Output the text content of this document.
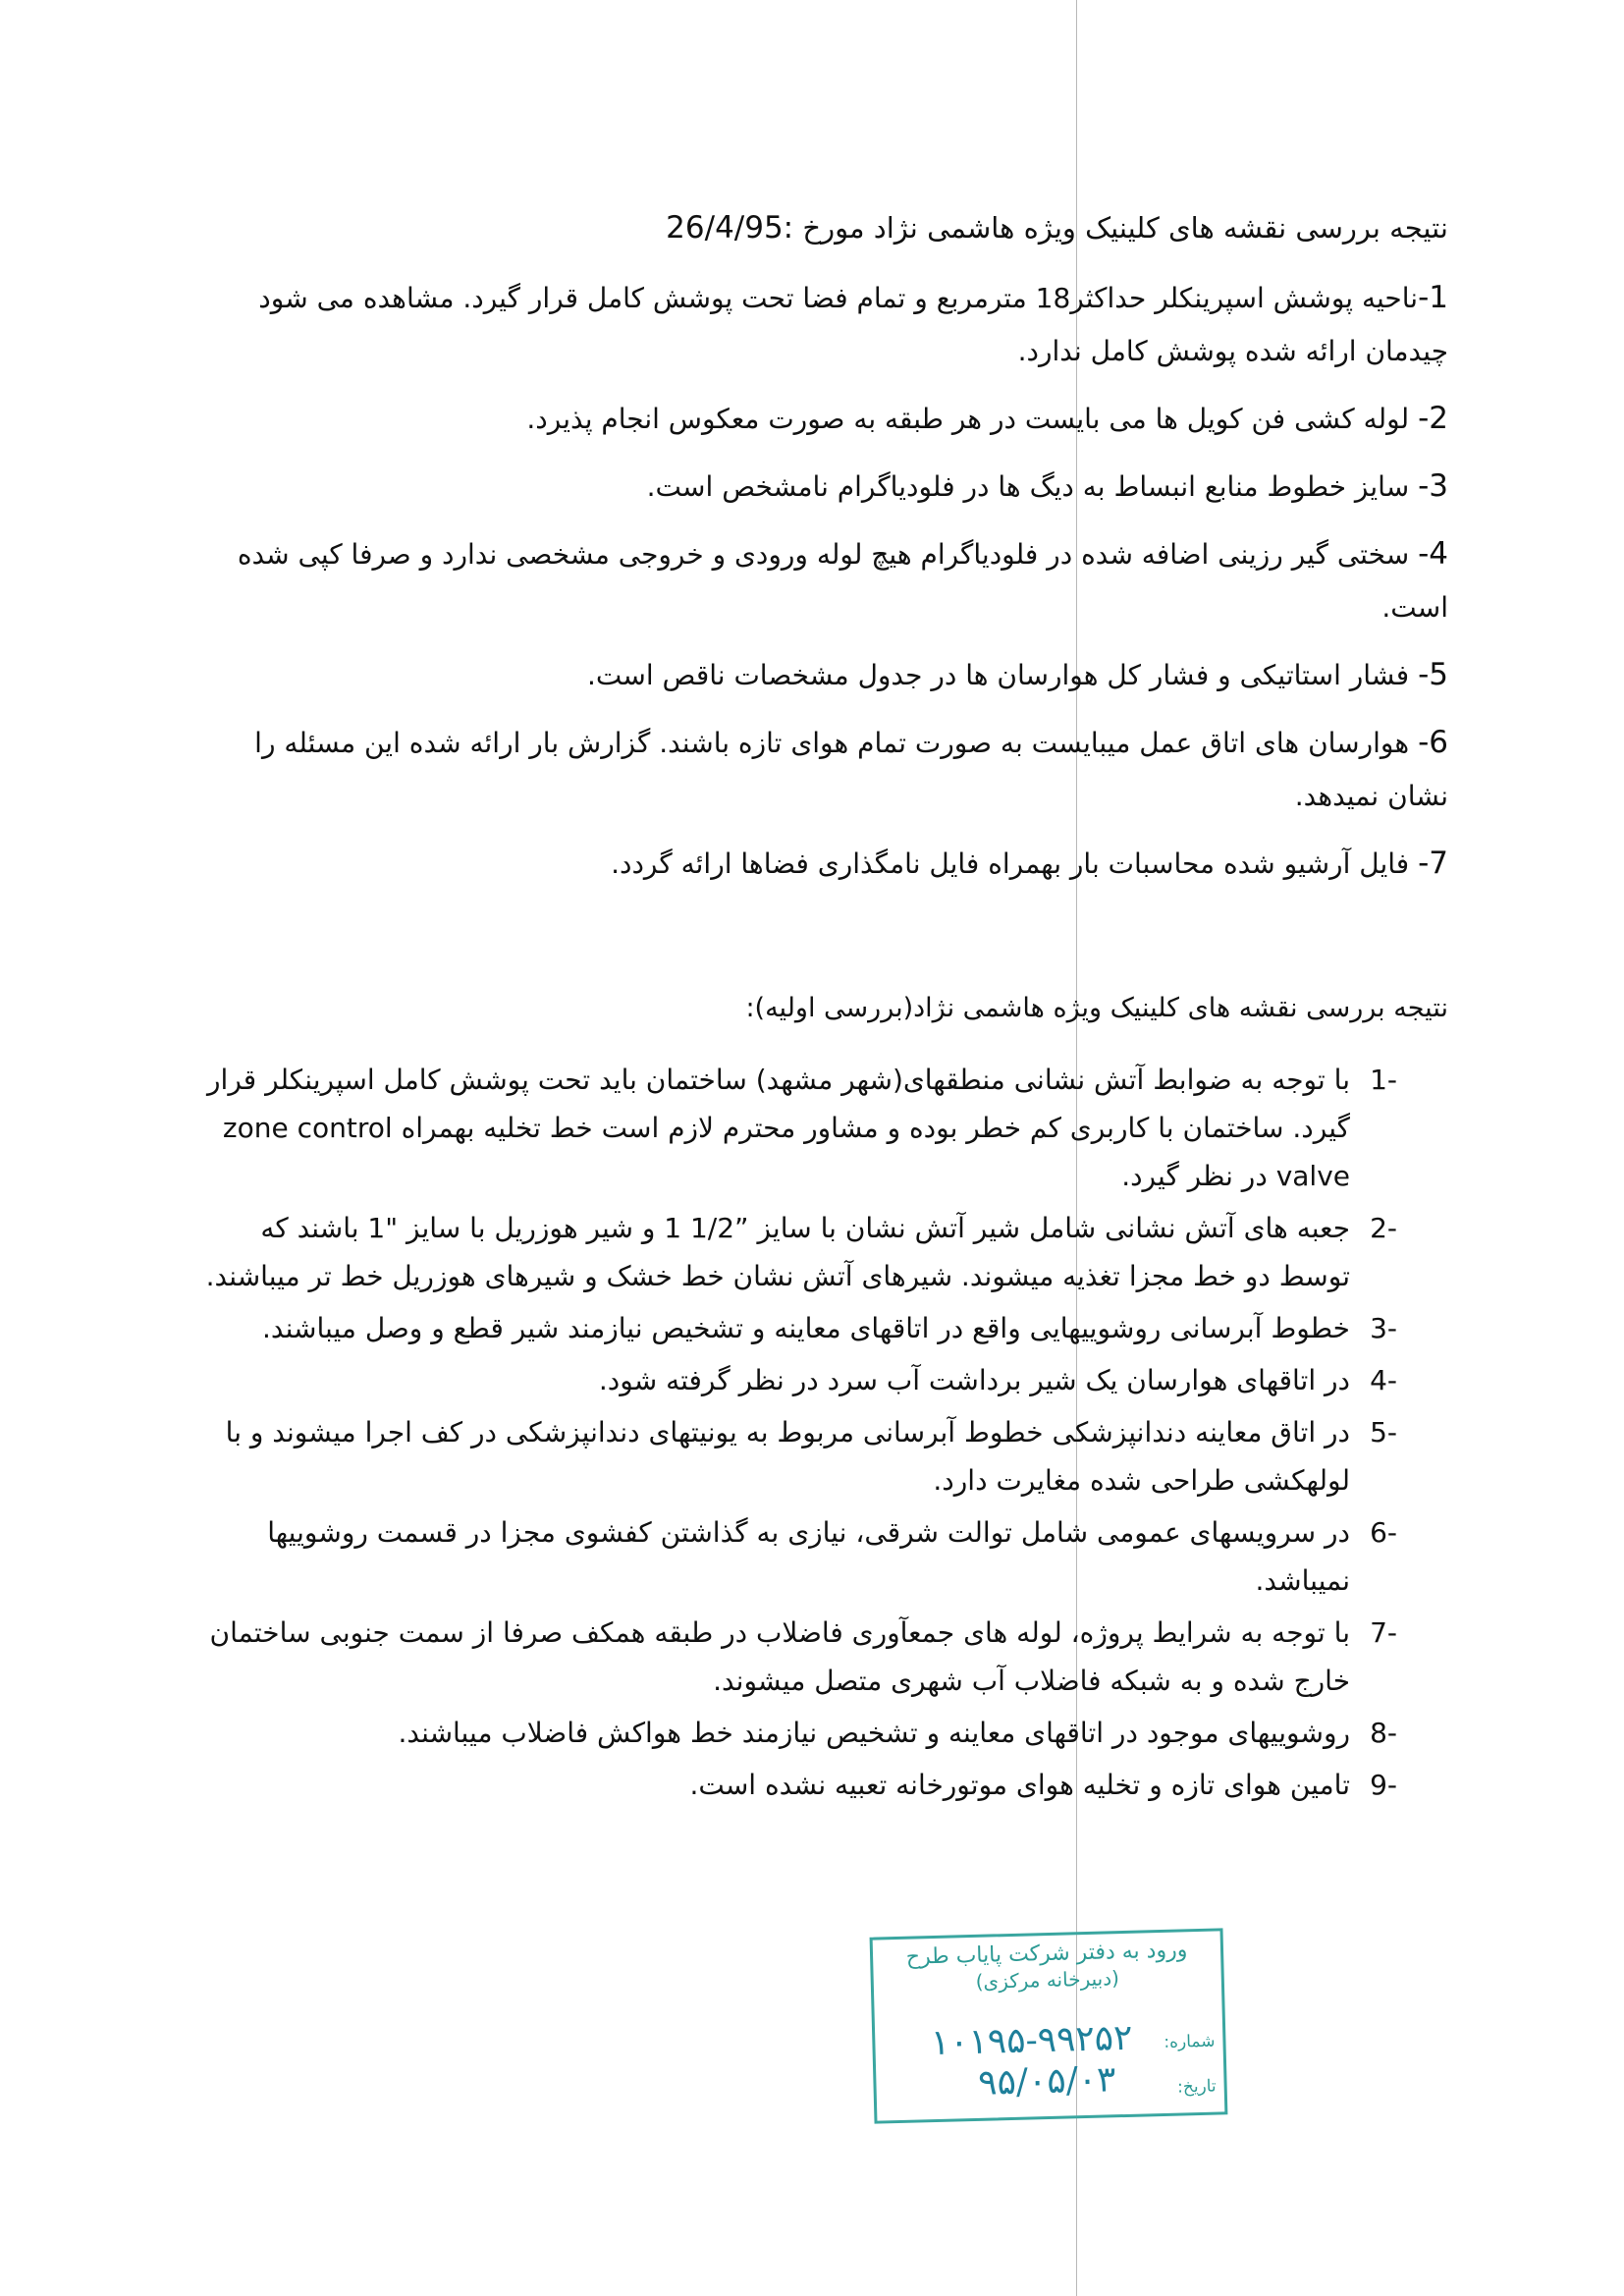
نتیجه بررسی نقشه های کلینیک ویژه هاشمی نژاد مورخ 26/4/95:

1-ناحیه پوشش اسپرینکلر حداکثر18 مترمربع و تمام فضا تحت پوشش کامل قرار گیرد. مشاهده می شود چیدمان ارائه شده پوشش کامل ندارد.

2- لوله کشی فن کویل ها می بایست در هر طبقه به صورت معکوس انجام پذیرد.

3- سایز خطوط منابع انبساط به دیگ ها در فلودیاگرام نامشخص است.

4- سختی گیر رزینی اضافه شده در فلودیاگرام هیچ لوله ورودی و خروجی مشخصی ندارد و صرفا کپی شده است.

5- فشار استاتیکی و فشار کل هوارسان ها در جدول مشخصات ناقص است.

6- هوارسان های اتاق عمل میبایست به صورت تمام هوای تازه باشند. گزارش بار ارائه شده این مسئله را نشان نمیدهد.

7- فایل آرشیو شده محاسبات بار بهمراه فایل نامگذاری فضاها ارائه گردد.

نتیجه بررسی نقشه های کلینیک ویژه هاشمی نژاد(بررسی اولیه):

-1
با توجه به ضوابط آتش نشانی منطقهای(شهر مشهد) ساختمان باید تحت پوشش کامل اسپرینکلر قرار گیرد. ساختمان با کاربری کم خطر بوده و مشاور محترم لازم است خط تخلیه بهمراه zone control valve در نظر گیرد.
-2
جعبه های آتش نشانی شامل شیر آتش نشان با سایز ”1/2 1 و شیر هوزریل با سایز "1 باشند که توسط دو خط مجزا تغذیه میشوند. شیرهای آتش نشان خط خشک و شیرهای هوزریل خط تر میباشند.
-3
خطوط آبرسانی روشوییهایی واقع در اتاقهای معاینه و تشخیص نیازمند شیر قطع و وصل میباشند.
-4
در اتاقهای هوارسان یک شیر برداشت آب سرد در نظر گرفته شود.
-5
در اتاق معاینه دندانپزشکی خطوط آبرسانی مربوط به یونیتهای دندانپزشکی در کف اجرا میشوند و با لولهکشی طراحی شده مغایرت دارد.
-6
در سرویسهای عمومی شامل توالت شرقی، نیازی به گذاشتن کفشوی مجزا در قسمت روشوییها نمیباشد.
-7
با توجه به شرایط پروژه، لوله های جمعآوری فاضلاب در طبقه همکف صرفا از سمت جنوبی ساختمان خارج شده و به شبکه فاضلاب آب شهری متصل میشوند.
-8
روشوییهای موجود در اتاقهای معاینه و تشخیص نیازمند خط هواکش فاضلاب میباشند.
-9
تامین هوای تازه و تخلیه هوای موتورخانه تعبیه نشده است.
ورود به دفتر شرکت پایاب طرح
(دبیرخانه مرکزی)
شماره:
۱۰۱۹۵-۹۹۲۵۲
تاریخ:
۹۵/۰۵/۰۳
